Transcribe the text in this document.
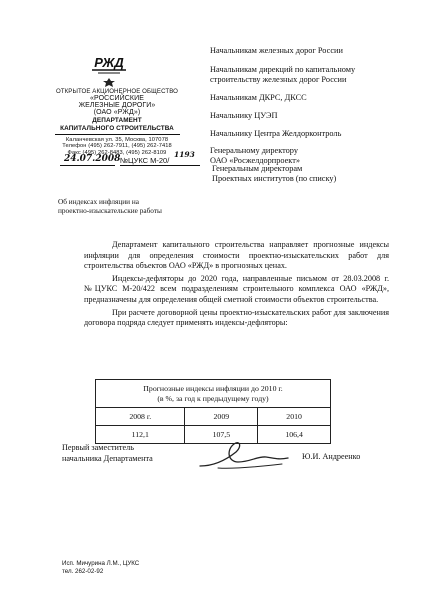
РЖД
ОТКРЫТОЕ АКЦИОНЕРНОЕ ОБЩЕСТВО
«РОССИЙСКИЕ
ЖЕЛЕЗНЫЕ ДОРОГИ»
(ОАО «РЖД»)
ДЕПАРТАМЕНТ
КАПИТАЛЬНОГО СТРОИТЕЛЬСТВА
Каланчевская ул. 35, Москва, 107078
Телефон (495) 262-7911, (495) 262-7418
Факс (495) 262-8483, (495) 262-8109
24.07.2008 №ЦУКС М-20/
1193
Начальникам железных дорог России
Начальникам дирекций по капитальному
строительству железных дорог России
Начальникам ДКРС, ДКСС
Начальнику ЦУЭП
Начальнику Центра Желдорконтроль
Генеральному директору
ОАО «Росжелдорпроект»
Генеральным директорам
Проектных институтов (по списку)
Об индексах инфляции на
проектно-изыскательские работы

Департамент капитального строительства направляет прогнозные индексы инфляции для определения стоимости проектно-изыскательских работ для строительства объектов ОАО «РЖД» в прогнозных ценах.

Индексы-дефляторы до 2020 года, направленные письмом от 28.03.2008 г. №ЦУКС М-20/422 всем подразделениям строительного комплекса ОАО «РЖД», предназначены для определения общей сметной стоимости объектов строительства.

При расчете договорной цены проектно-изыскательских работ для заключения договора подряда следует применять индексы-дефляторы:

Прогнозные индексы инфляции до 2010 г.
(в %, за год к предыдущему году)		

2008 г.	2009	2010
112,1	107,5	106,4
Первый заместитель
начальника Департамента	Ю.И. Андреенко
Исп. Мичурина Л.М., ЦУКС
тел. 262-02-92
